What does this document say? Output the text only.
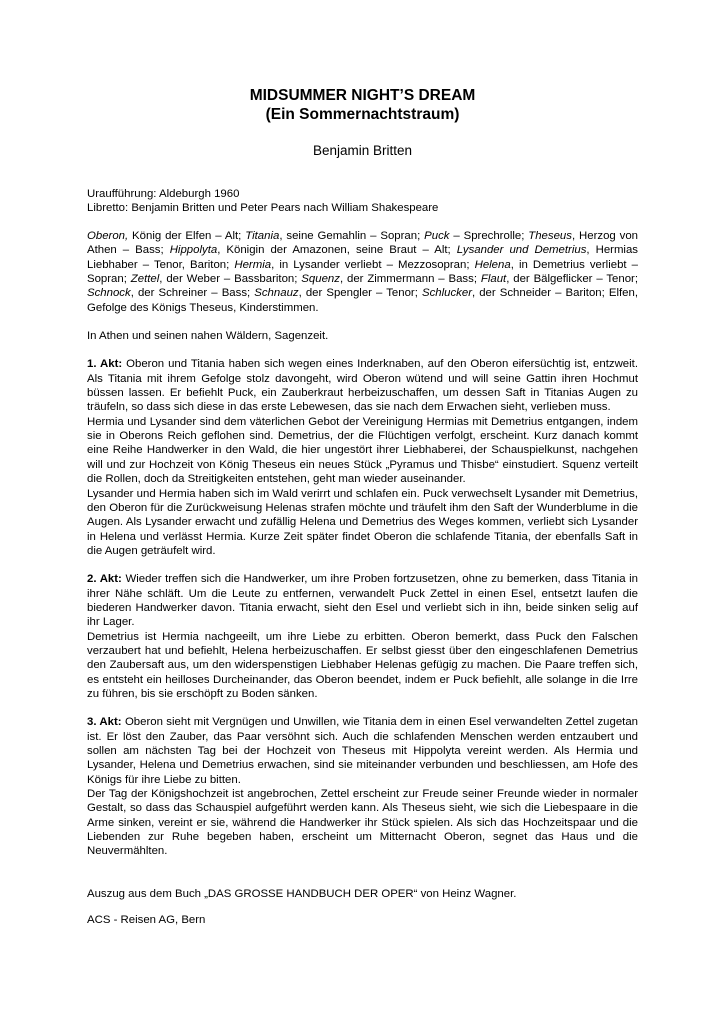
MIDSUMMER NIGHT’S DREAM
(Ein Sommernachtstraum)
Benjamin Britten
Uraufführung: Aldeburgh 1960
Libretto: Benjamin Britten und Peter Pears nach William Shakespeare

Oberon, König der Elfen – Alt; Titania, seine Gemahlin – Sopran; Puck – Sprechrolle; Theseus, Herzog von Athen – Bass; Hippolyta, Königin der Amazonen, seine Braut – Alt; Lysander und Demetrius, Hermias Liebhaber – Tenor, Bariton; Hermia, in Lysander verliebt – Mezzosopran; Helena, in Demetrius verliebt – Sopran; Zettel, der Weber – Bassbariton; Squenz, der Zimmermann – Bass; Flaut, der Bälgeflicker – Tenor; Schnock, der Schreiner – Bass; Schnauz, der Spengler – Tenor; Schlucker, der Schneider – Bariton; Elfen, Gefolge des Königs Theseus, Kinderstimmen.

In Athen und seinen nahen Wäldern, Sagenzeit.

1. Akt: Oberon und Titania haben sich wegen eines Inderknaben, auf den Oberon eifersüchtig ist, entzweit. Als Titania mit ihrem Gefolge stolz davongeht, wird Oberon wütend und will seine Gattin ihren Hochmut büssen lassen. Er befiehlt Puck, ein Zauberkraut herbeizuschaffen, um dessen Saft in Titanias Augen zu träufeln, so dass sich diese in das erste Lebewesen, das sie nach dem Erwachen sieht, verlieben muss.

Hermia und Lysander sind dem väterlichen Gebot der Vereinigung Hermias mit Demetrius entgangen, indem sie in Oberons Reich geflohen sind. Demetrius, der die Flüchtigen verfolgt, erscheint. Kurz danach kommt eine Reihe Handwerker in den Wald, die hier ungestört ihrer Liebhaberei, der Schauspielkunst, nachgehen will und zur Hochzeit von König Theseus ein neues Stück „Pyramus und Thisbe“ einstudiert. Squenz verteilt die Rollen, doch da Streitigkeiten entstehen, geht man wieder auseinander.

Lysander und Hermia haben sich im Wald verirrt und schlafen ein. Puck verwechselt Lysander mit Demetrius, den Oberon für die Zurückweisung Helenas strafen möchte und träufelt ihm den Saft der Wunderblume in die Augen. Als Lysander erwacht und zufällig Helena und Demetrius des Weges kommen, verliebt sich Lysander in Helena und verlässt Hermia. Kurze Zeit später findet Oberon die schlafende Titania, der ebenfalls Saft in die Augen geträufelt wird.

2. Akt: Wieder treffen sich die Handwerker, um ihre Proben fortzusetzen, ohne zu bemerken, dass Titania in ihrer Nähe schläft. Um die Leute zu entfernen, verwandelt Puck Zettel in einen Esel, entsetzt laufen die biederen Handwerker davon. Titania erwacht, sieht den Esel und verliebt sich in ihn, beide sinken selig auf ihr Lager.

Demetrius ist Hermia nachgeeilt, um ihre Liebe zu erbitten. Oberon bemerkt, dass Puck den Falschen verzaubert hat und befiehlt, Helena herbeizuschaffen. Er selbst giesst über den eingeschlafenen Demetrius den Zaubersaft aus, um den widerspenstigen Liebhaber Helenas gefügig zu machen. Die Paare treffen sich, es entsteht ein heilloses Durcheinander, das Oberon beendet, indem er Puck befiehlt, alle solange in die Irre zu führen, bis sie erschöpft zu Boden sänken.

3. Akt: Oberon sieht mit Vergnügen und Unwillen, wie Titania dem in einen Esel verwandelten Zettel zugetan ist. Er löst den Zauber, das Paar versöhnt sich. Auch die schlafenden Menschen werden entzaubert und sollen am nächsten Tag bei der Hochzeit von Theseus mit Hippolyta vereint werden. Als Hermia und Lysander, Helena und Demetrius erwachen, sind sie miteinander verbunden und beschliessen, am Hofe des Königs für ihre Liebe zu bitten.

Der Tag der Königshochzeit ist angebrochen, Zettel erscheint zur Freude seiner Freunde wieder in normaler Gestalt, so dass das Schauspiel aufgeführt werden kann. Als Theseus sieht, wie sich die Liebespaare in die Arme sinken, vereint er sie, während die Handwerker ihr Stück spielen. Als sich das Hochzeitspaar und die Liebenden zur Ruhe begeben haben, erscheint um Mitternacht Oberon, segnet das Haus und die Neuvermählten.

Auszug aus dem Buch „DAS GROSSE HANDBUCH DER OPER“ von Heinz Wagner.

ACS - Reisen AG, Bern
